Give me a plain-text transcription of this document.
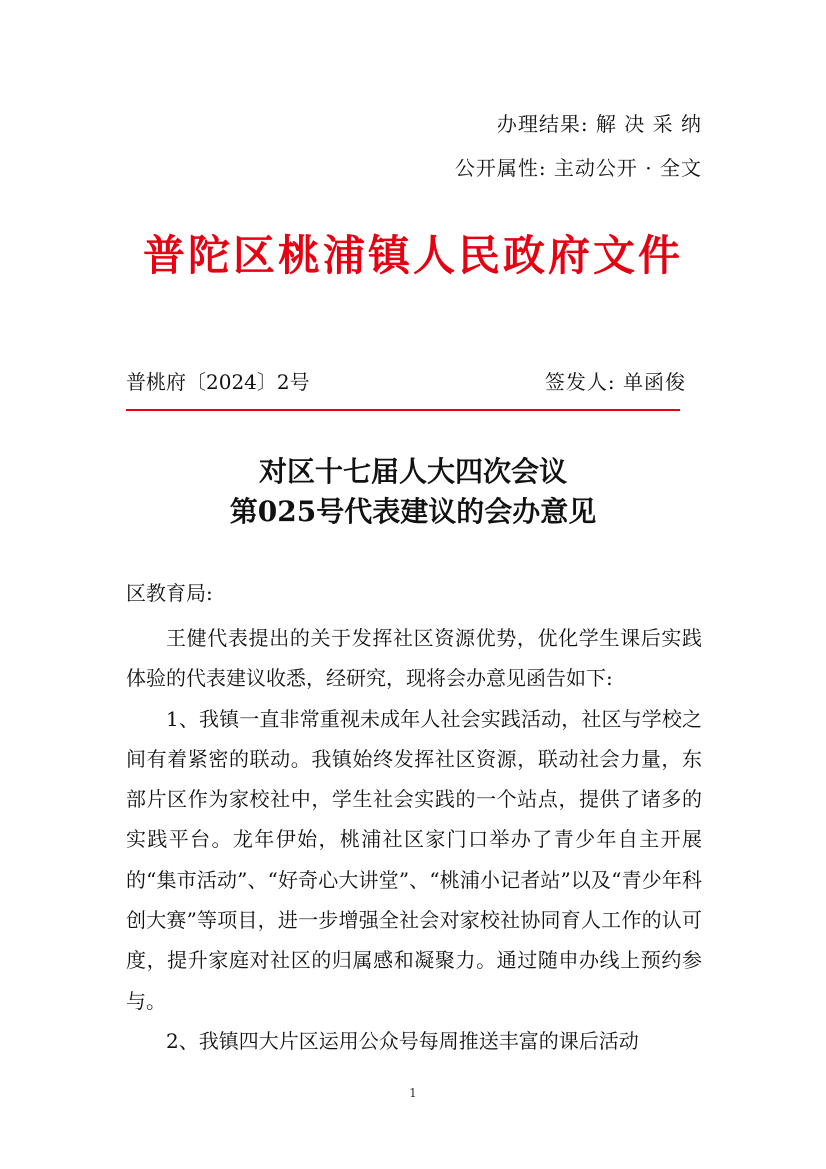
办理结果: 解 决 采 纳
公开属性: 主动公开 · 全文
普陀区桃浦镇人民政府文件
普桃府〔2024〕2号	签发人: 单函俊
对区十七届人大四次会议
第025号代表建议的会办意见
区教育局:

王健代表提出的关于发挥社区资源优势，优化学生课后实践体验的代表建议收悉，经研究，现将会办意见函告如下:

1、我镇一直非常重视未成年人社会实践活动，社区与学校之间有着紧密的联动。我镇始终发挥社区资源，联动社会力量，东部片区作为家校社中，学生社会实践的一个站点，提供了诸多的实践平台。龙年伊始，桃浦社区家门口举办了青少年自主开展的“集市活动”、“好奇心大讲堂”、“桃浦小记者站”以及“青少年科创大赛”等项目，进一步增强全社会对家校社协同育人工作的认可度，提升家庭对社区的归属感和凝聚力。通过随申办线上预约参与。

2、我镇四大片区运用公众号每周推送丰富的课后活动

1
